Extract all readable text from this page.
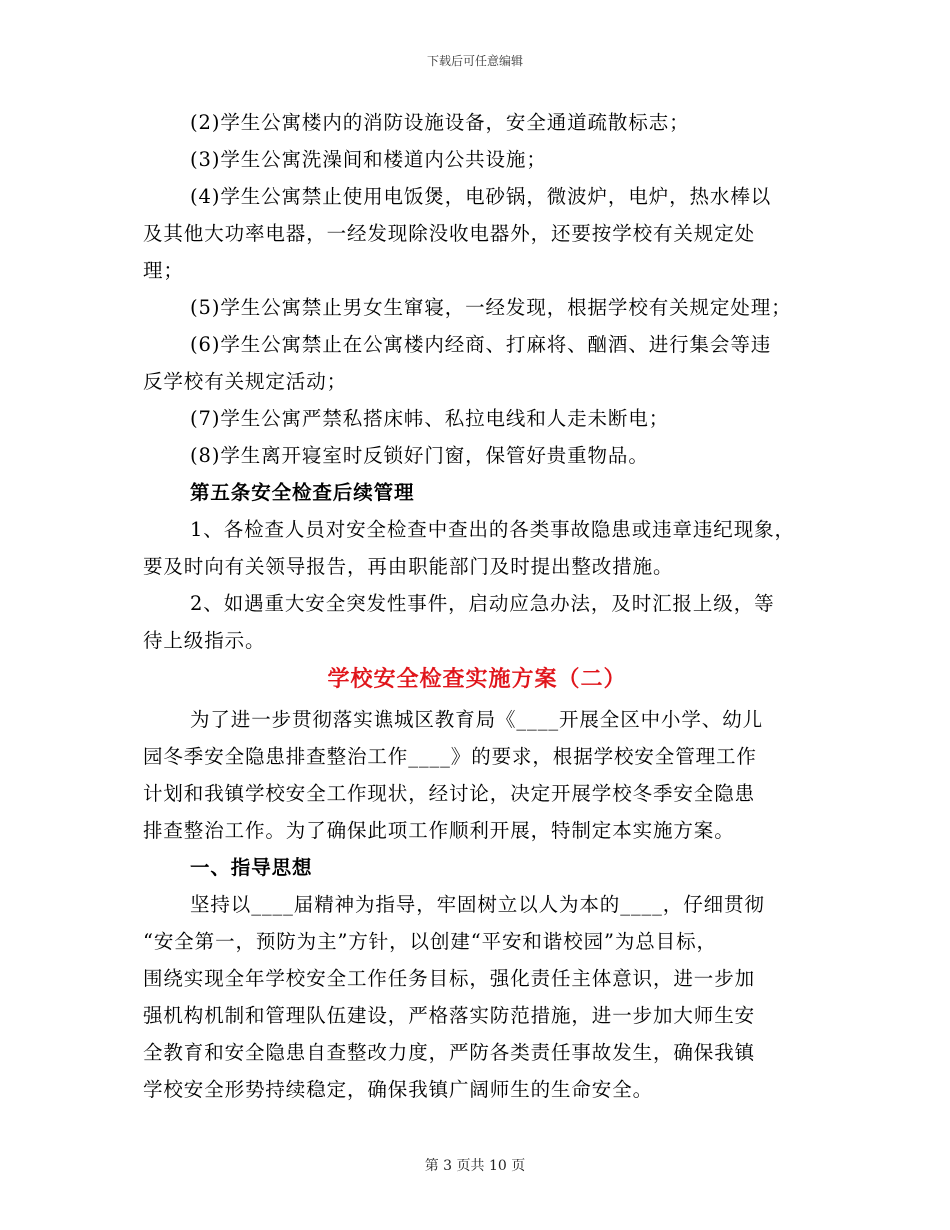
下载后可任意编辑
(2)学生公寓楼内的消防设施设备，安全通道疏散标志；
(3)学生公寓洗澡间和楼道内公共设施；
(4)学生公寓禁止使用电饭煲，电砂锅，微波炉，电炉，热水棒以
及其他大功率电器，一经发现除没收电器外，还要按学校有关规定处
理；
(5)学生公寓禁止男女生窜寝，一经发现，根据学校有关规定处理；
(6)学生公寓禁止在公寓楼内经商、打麻将、酗酒、进行集会等违
反学校有关规定活动；
(7)学生公寓严禁私搭床帏、私拉电线和人走未断电；
(8)学生离开寝室时反锁好门窗，保管好贵重物品。
第五条安全检查后续管理
1、各检查人员对安全检查中查出的各类事故隐患或违章违纪现象，
要及时向有关领导报告，再由职能部门及时提出整改措施。
2、如遇重大安全突发性事件，启动应急办法，及时汇报上级，等
待上级指示。
学校安全检查实施方案（二）
为了进一步贯彻落实谯城区教育局《____开展全区中小学、幼儿
园冬季安全隐患排查整治工作____》的要求，根据学校安全管理工作
计划和我镇学校安全工作现状，经讨论，决定开展学校冬季安全隐患
排查整治工作。为了确保此项工作顺利开展，特制定本实施方案。
一、指导思想
坚持以____届精神为指导，牢固树立以人为本的____，仔细贯彻
“安全第一，预防为主”方针，以创建“平安和谐校园”为总目标，
围绕实现全年学校安全工作任务目标，强化责任主体意识，进一步加
强机构机制和管理队伍建设，严格落实防范措施，进一步加大师生安
全教育和安全隐患自查整改力度，严防各类责任事故发生，确保我镇
学校安全形势持续稳定，确保我镇广阔师生的生命安全。
第 3 页共 10 页
